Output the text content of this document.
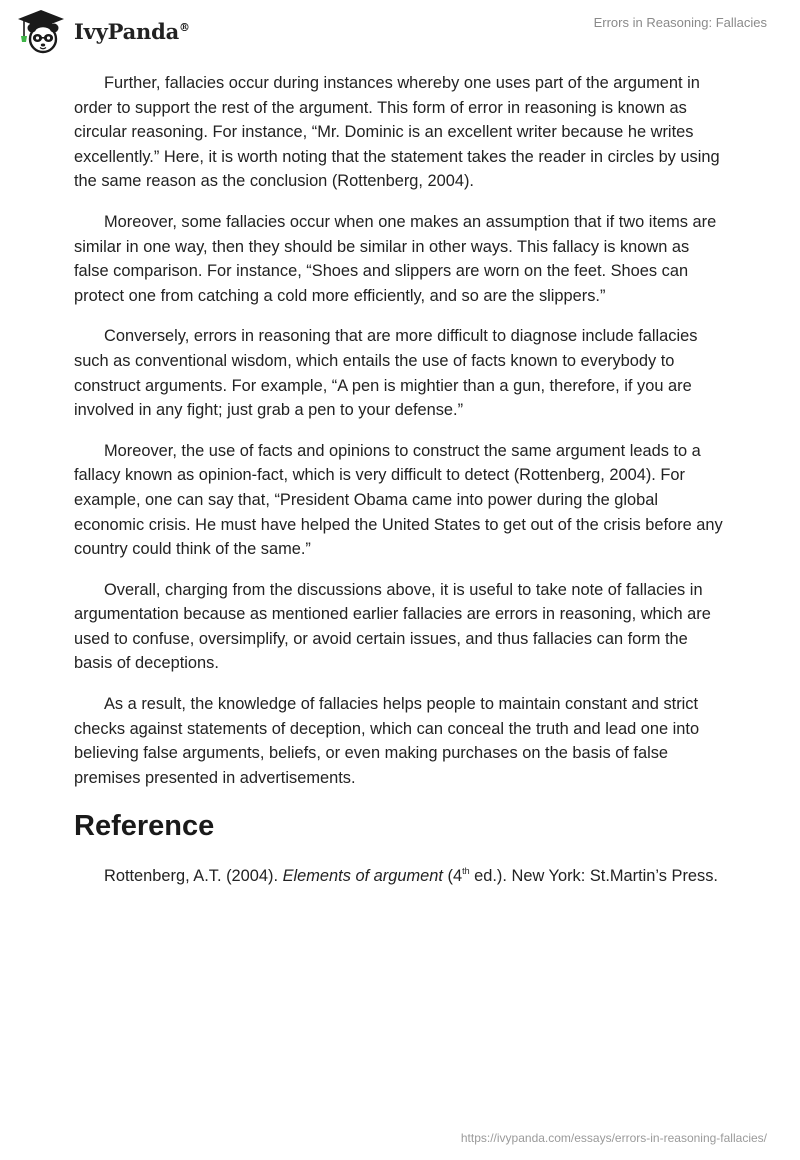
IvyPanda®	Errors in Reasoning: Fallacies

Further, fallacies occur during instances whereby one uses part of the argument in order to support the rest of the argument. This form of error in reasoning is known as circular reasoning. For instance, “Mr. Dominic is an excellent writer because he writes excellently.” Here, it is worth noting that the statement takes the reader in circles by using the same reason as the conclusion (Rottenberg, 2004).

Moreover, some fallacies occur when one makes an assumption that if two items are similar in one way, then they should be similar in other ways. This fallacy is known as false comparison. For instance, “Shoes and slippers are worn on the feet. Shoes can protect one from catching a cold more efficiently, and so are the slippers.”

Conversely, errors in reasoning that are more difficult to diagnose include fallacies such as conventional wisdom, which entails the use of facts known to everybody to construct arguments. For example, “A pen is mightier than a gun, therefore, if you are involved in any fight; just grab a pen to your defense.”

Moreover, the use of facts and opinions to construct the same argument leads to a fallacy known as opinion-fact, which is very difficult to detect (Rottenberg, 2004). For example, one can say that, “President Obama came into power during the global economic crisis. He must have helped the United States to get out of the crisis before any country could think of the same.”

Overall, charging from the discussions above, it is useful to take note of fallacies in argumentation because as mentioned earlier fallacies are errors in reasoning, which are used to confuse, oversimplify, or avoid certain issues, and thus fallacies can form the basis of deceptions.

As a result, the knowledge of fallacies helps people to maintain constant and strict checks against statements of deception, which can conceal the truth and lead one into believing false arguments, beliefs, or even making purchases on the basis of false premises presented in advertisements.

Reference

Rottenberg, A.T. (2004). Elements of argument (4th ed.). New York: St.Martin’s Press.

https://ivypanda.com/essays/errors-in-reasoning-fallacies/
